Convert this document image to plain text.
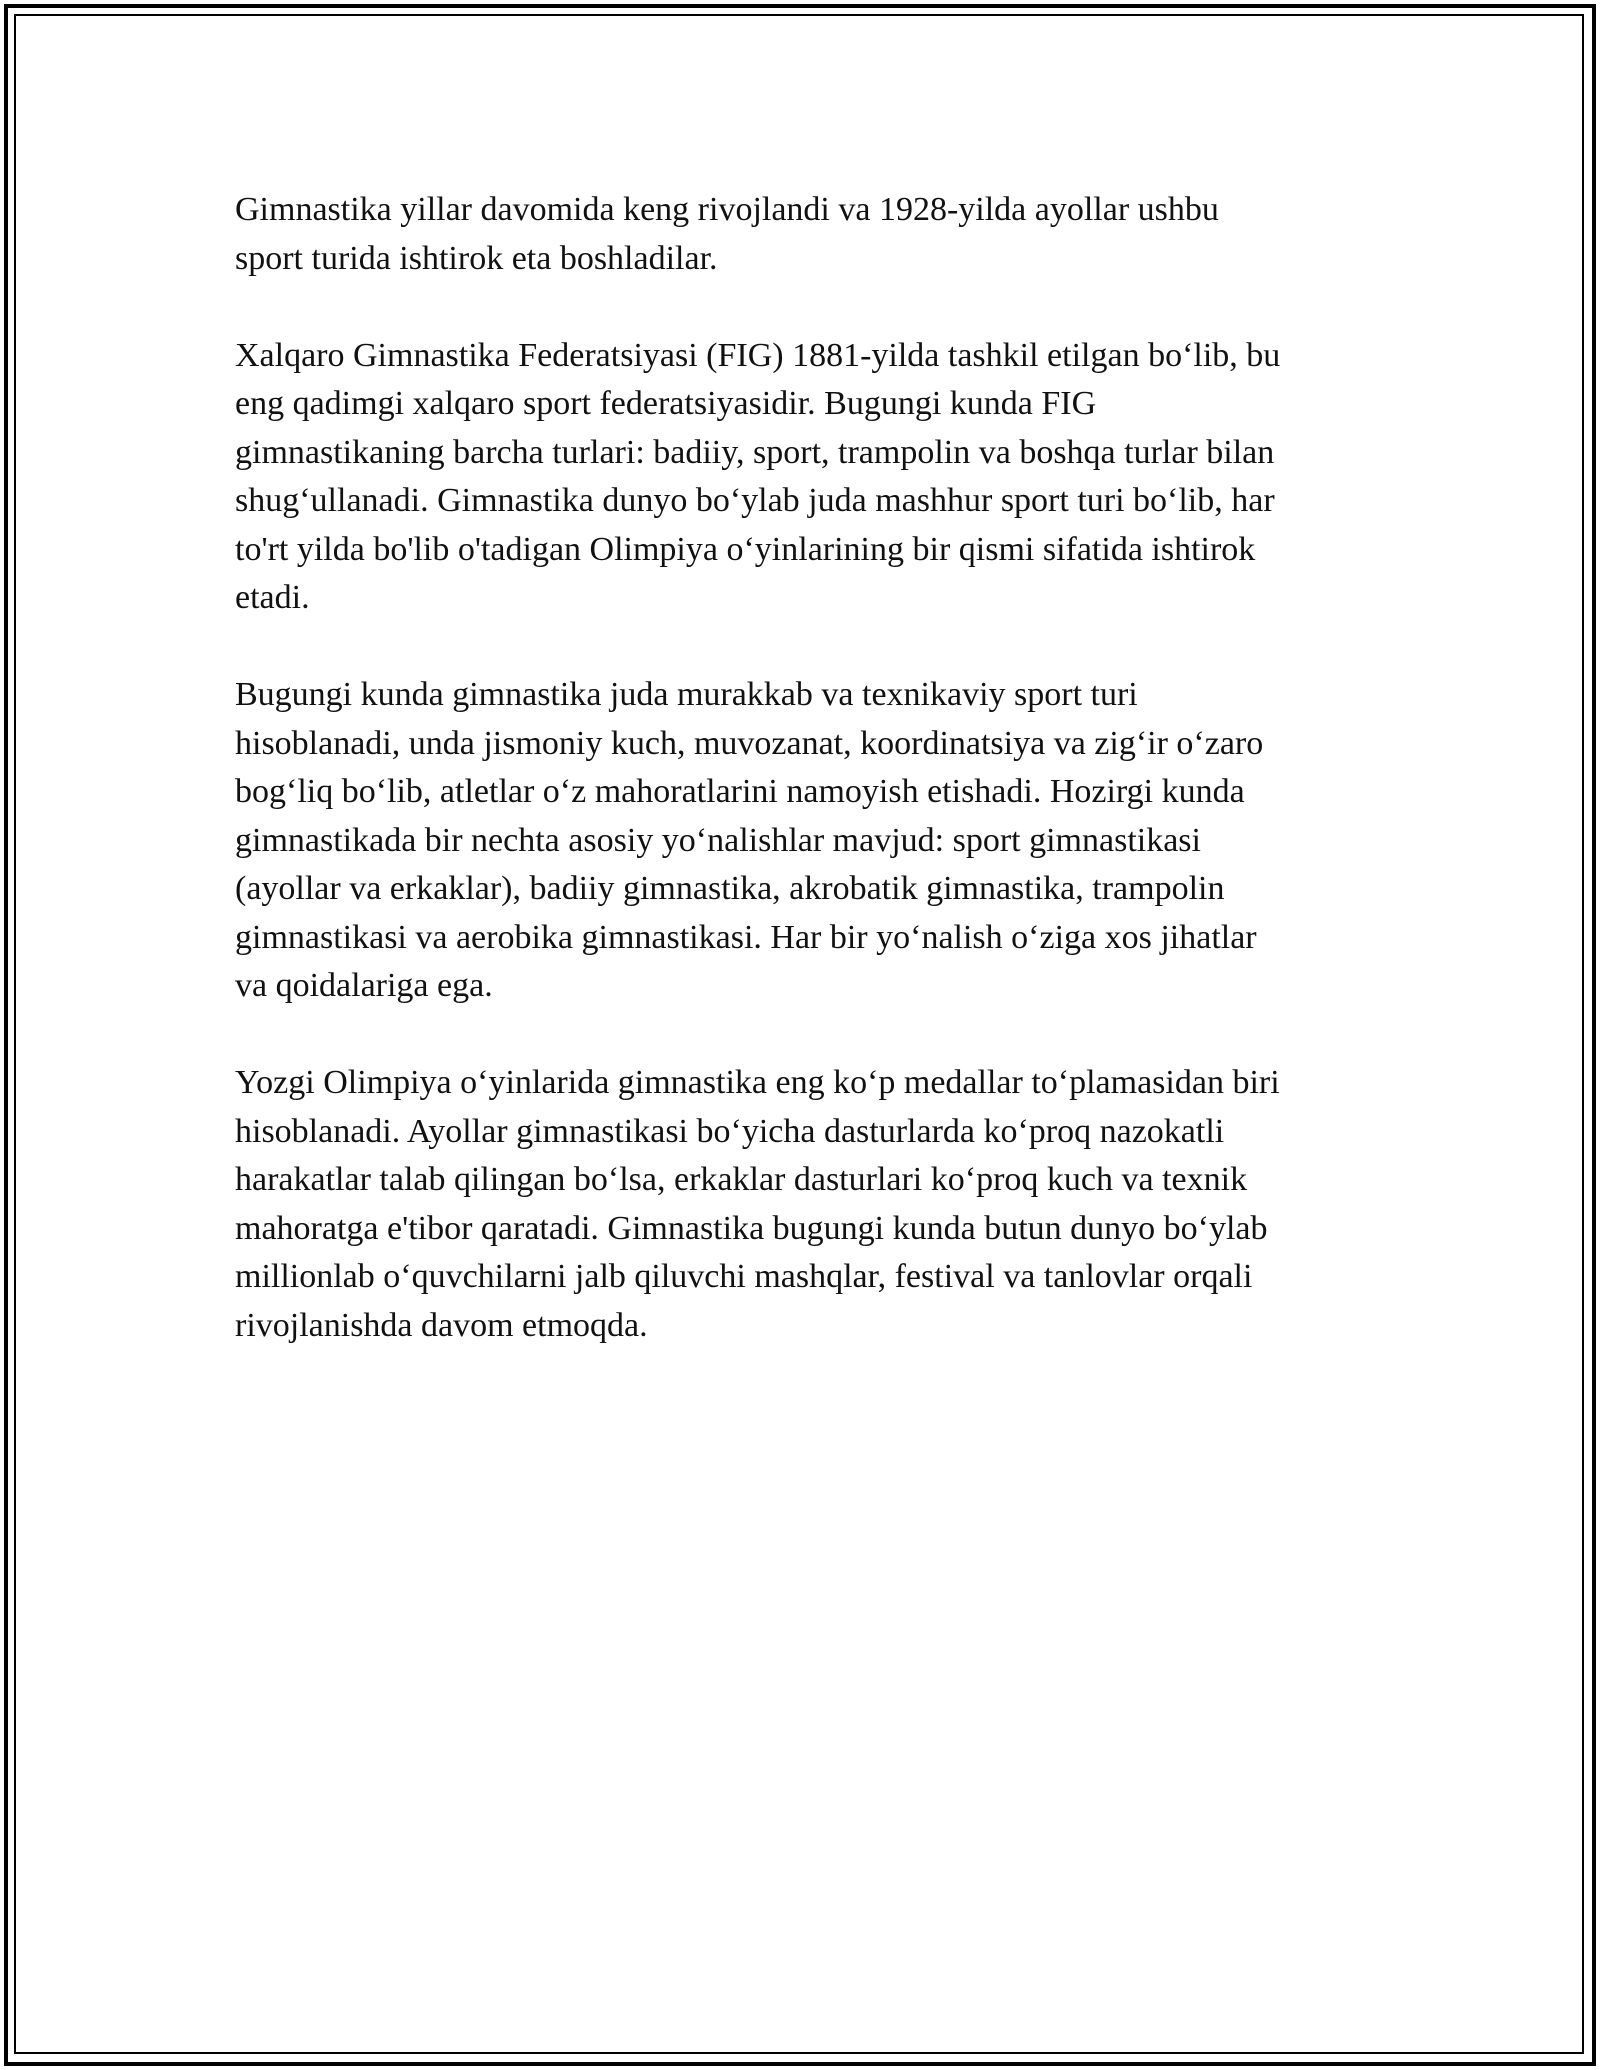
Gimnastika yillar davomida keng rivojlandi va 1928-yilda ayollar ushbu
sport turida ishtirok eta boshladilar.

Xalqaro Gimnastika Federatsiyasi (FIG) 1881-yilda tashkil etilgan boʻlib, bu
eng qadimgi xalqaro sport federatsiyasidir. Bugungi kunda FIG
gimnastikaning barcha turlari: badiiy, sport, trampolin va boshqa turlar bilan
shugʻullanadi. Gimnastika dunyo boʻylab juda mashhur sport turi boʻlib, har
to'rt yilda bo'lib o'tadigan Olimpiya oʻyinlarining bir qismi sifatida ishtirok
etadi.

Bugungi kunda gimnastika juda murakkab va texnikaviy sport turi
hisoblanadi, unda jismoniy kuch, muvozanat, koordinatsiya va zigʻir oʻzaro
bogʻliq boʻlib, atletlar oʻz mahoratlarini namoyish etishadi. Hozirgi kunda
gimnastikada bir nechta asosiy yoʻnalishlar mavjud: sport gimnastikasi
(ayollar va erkaklar), badiiy gimnastika, akrobatik gimnastika, trampolin
gimnastikasi va aerobika gimnastikasi. Har bir yoʻnalish oʻziga xos jihatlar
va qoidalariga ega.

Yozgi Olimpiya oʻyinlarida gimnastika eng koʻp medallar toʻplamasidan biri
hisoblanadi. Ayollar gimnastikasi boʻyicha dasturlarda koʻproq nazokatli
harakatlar talab qilingan boʻlsa, erkaklar dasturlari koʻproq kuch va texnik
mahoratga e'tibor qaratadi. Gimnastika bugungi kunda butun dunyo boʻylab
millionlab oʻquvchilarni jalb qiluvchi mashqlar, festival va tanlovlar orqali
rivojlanishda davom etmoqda.
